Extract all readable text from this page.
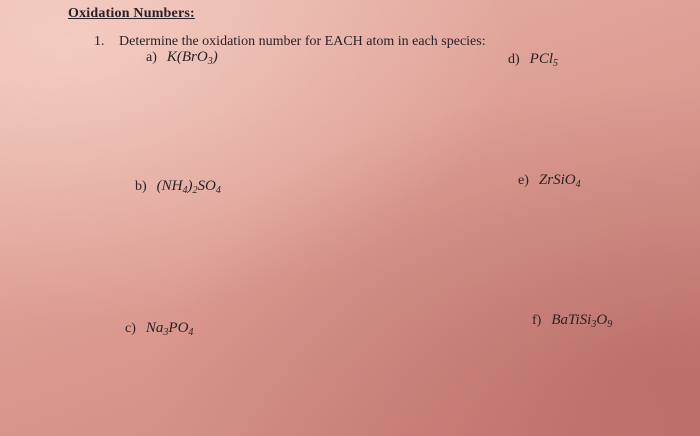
Oxidation Numbers:
1. Determine the oxidation number for EACH atom in each species:
a) K(BrO$_3$)	d) PCl$_5$
b) $(NH_4)_2SO_4$
e) ZrSiO$_4$
c) $Na_3PO_4$
f) $BaTiSi_3O_9$
